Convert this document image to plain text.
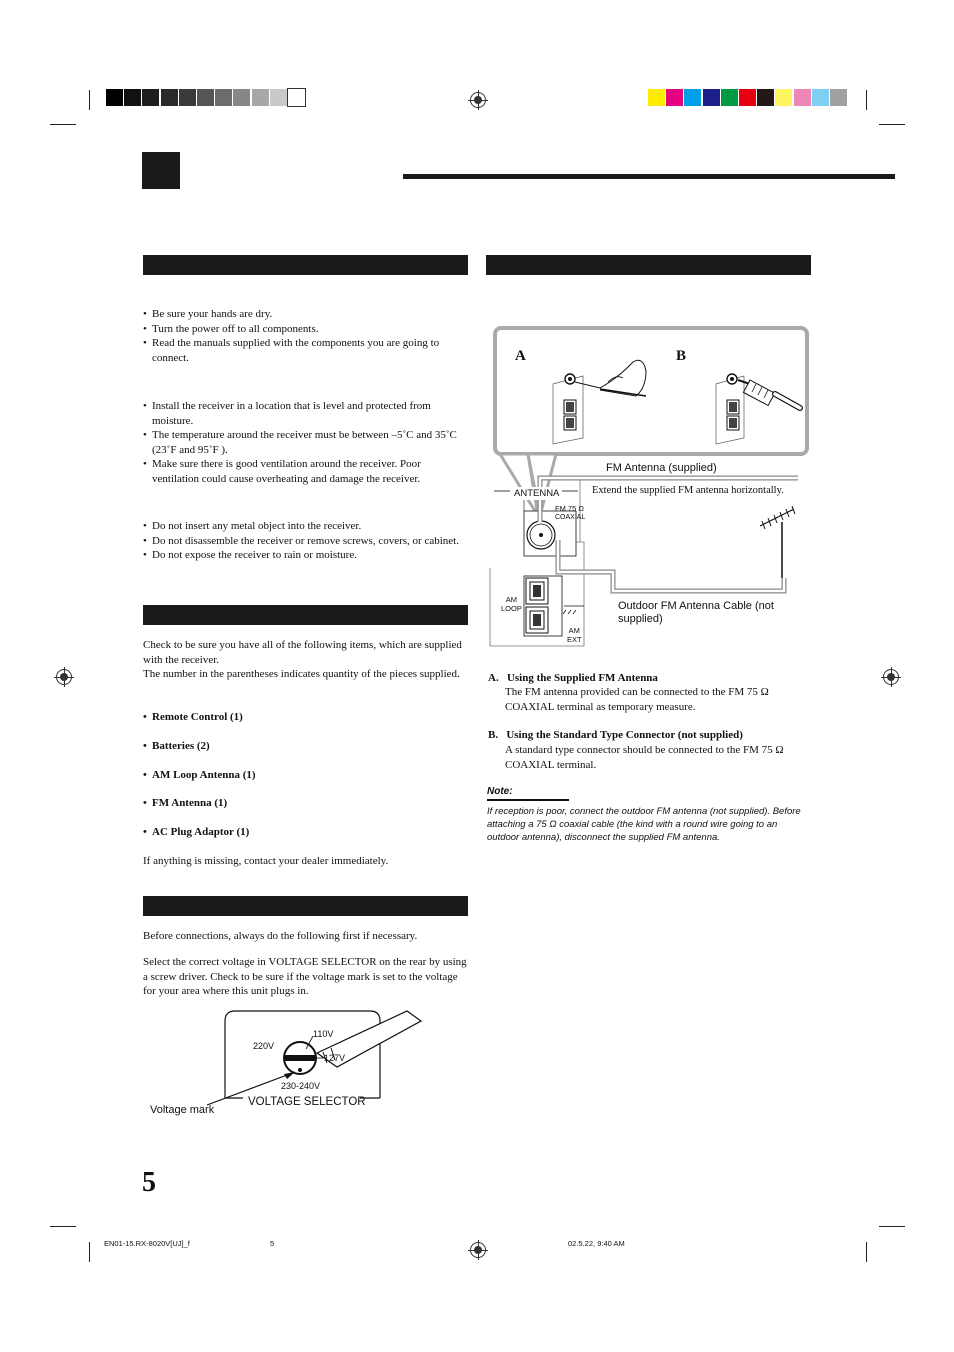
• Be sure your hands are dry.
• Turn the power off to all components.
• Read the manuals supplied with the components you are going to connect.
• Install the receiver in a location that is level and protected from moisture.
• The temperature around the receiver must be between –5˚C and 35˚C (23˚F and 95˚F ).
• Make sure there is good ventilation around the receiver. Poor ventilation could cause overheating and damage the receiver.
• Do not insert any metal object into the receiver.
• Do not disassemble the receiver or remove screws, covers, or cabinet.
• Do not expose the receiver to rain or moisture.
Check to be sure you have all of the following items, which are supplied with the receiver.
The number in the parentheses indicates quantity of the pieces supplied.
• Remote Control (1)
• Batteries (2)
• AM Loop Antenna (1)
• FM Antenna (1)
• AC Plug Adaptor (1)
If anything is missing, contact your dealer immediately.
Before connections, always do the following first if necessary.
Select the correct voltage in VOLTAGE SELECTOR on the rear by using a screw driver. Check to be sure if the voltage mark is set to the voltage for your area where this unit plugs in.
110V
220V
127V
230-240V
VOLTAGE SELECTOR
Voltage mark
5
A	B
FM Antenna (supplied)
ANTENNA	Extend the supplied FM antenna horizontally.
FM 75 Ω
COAXIAL
AM
LOOP
AM
EXT
Outdoor FM Antenna Cable (not supplied)
A.   Using the Supplied FM Antenna
The FM antenna provided can be connected to the FM 75 Ω COAXIAL terminal as temporary measure.
B.   Using the Standard Type Connector (not supplied)
A standard type connector should be connected to the FM 75 Ω COAXIAL terminal.
Note:
If reception is poor, connect the outdoor FM antenna (not supplied). Before attaching a 75 Ω coaxial cable (the kind with a round wire going to an outdoor antenna), disconnect the supplied FM antenna.
EN01-15.RX-8020V[UJ]_f	5	02.5.22, 9:40 AM
